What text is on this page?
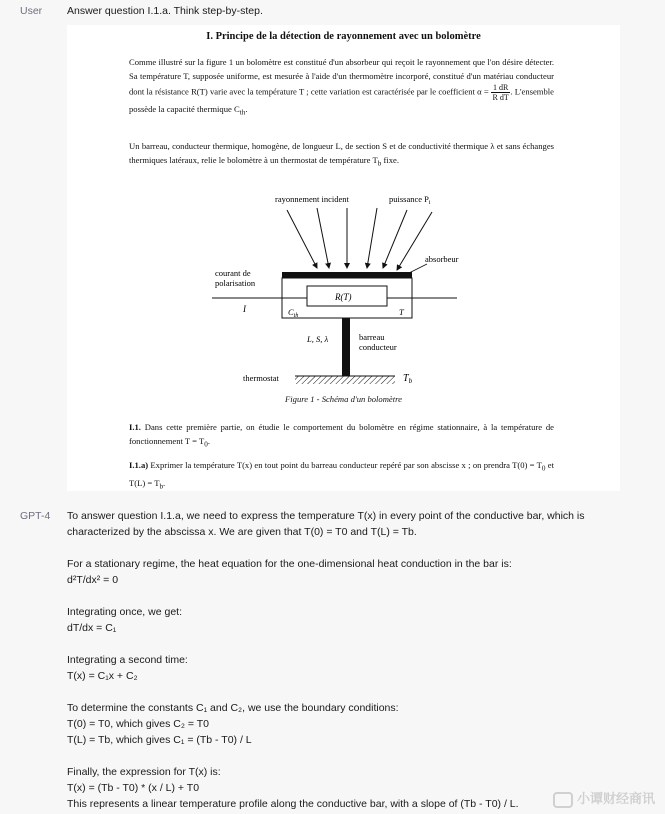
User Answer question I.1.a. Think step-by-step.
I. Principe de la détection de rayonnement avec un bolomètre

Comme illustré sur la figure 1 un bolomètre est constitué d'un absorbeur qui reçoit le rayonnement que l'on désire détecter. Sa température T, supposée uniforme, est mesurée à l'aide d'un thermomètre incorporé, constitué d'un matériau conducteur dont la résistance R(T) varie avec la température T ; cette variation est caractérisée par le coefficient $\alpha = \frac{1 dR}{\text{R dT}}$ . L'ensemble possède la capacité thermique $C_{th}$.

Un barreau, conducteur thermique, homogène, de longueur L, de section S et de conductivité thermique λ et sans échanges thermiques latéraux, relie le bolomètre à un thermostat de température $T_b$ fixe.

rayonnement incident	puissance $P_i$
absorbeur
R(T)
$C_{th}$	T
courant de
polarisation
I
L, S, λ	barreau
conducteur
thermostat	$T_b$
Figure 1 - Schéma d'un bolomètre

I.1. Dans cette première partie, on étudie le comportement du bolomètre en régime stationnaire, à la température de fonctionnement $T = T_0$.

I.1.a) Exprimer la température T(x) en tout point du barreau conducteur repéré par son abscisse x ; on prendra $T(0) = T_0$ et $T(L) = T_b$.

GPT-4 To answer question I.1.a, we need to express the temperature T(x) in every point of the conductive bar, which is characterized by the abscissa x. We are given that T(0) = T0 and T(L) = Tb.

For a stationary regime, the heat equation for the one-dimensional heat conduction in the bar is:

d²T/dx² = 0

Integrating once, we get:

dT/dx = C₁

Integrating a second time:

T(x) = C₁x + C₂

To determine the constants C₁ and C₂, we use the boundary conditions:

T(0) = T0, which gives C₂ = T0

T(L) = Tb, which gives C₁ = (Tb - T0) / L

Finally, the expression for T(x) is:

T(x) = (Tb - T0) * (x / L) + T0

This represents a linear temperature profile along the conductive bar, with a slope of (Tb - T0) / L.	小谭财经商讯
